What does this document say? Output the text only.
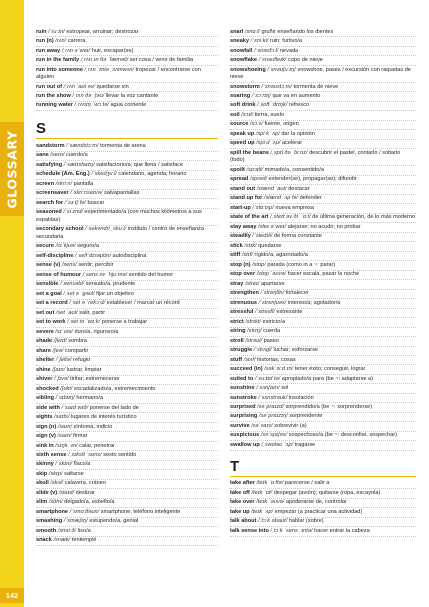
GLOSSARY
142
ruin /ˈruːɪn/ estropear, arruinar; destrozar
run (n) /rʌn/ carrera
run away /ˌrʌn əˈweɪ/ huir, escapar(se)
run in the family /ˌrʌn ɪn ðə ˈfæməli/ ser cosa / venir de familia
run into someone /ˌrʌn ˈɪntə ˌsʌmwʌn/ tropezar / encontrarse con alguien
run out of /ˌrʌn ˈaʊt əv/ quedarse sin
run the show /ˌrʌn ðə ˈʃəʊ/ llevar la voz cantante
running water /ˌrʌnɪŋ ˈwɔːtə/ agua corriente
S
sandstorm /ˈsændstɔːm/ tormenta de arena
sane /seɪn/ cuerdo/a
satisfying /ˈsætɪsfaɪɪŋ/ satisfactorio/a; que llena / satisface
schedule (Am. Eng.) /ˈskedʒuːl/ calendario, agenda; horario
screen /skriːn/ pantalla
screensaver /ˈskriːnseɪvə/ salvapantallas
search for /ˈsɜːtʃ fə/ buscar
seasoned /ˈsiːznd/ experimentado/a (con muchos kilómetros a sus espaldas)
secondary school /ˈsekəndri ˌskuːl/ instituto / centro de enseñanza secundaria
secure /sɪˈkjʊə/ seguro/a
self-discipline /ˌselfˈdɪsəplɪn/ autodisciplina
sense (v) /sens/ sentir; percibir
sense of humour /ˌsens əv ˈhjuːmə/ sentido del humor
sensible /ˈsensəbl/ sensato/a, prudente
set a goal /ˌset ə ˈɡəʊl/ fijar un objetivo
set a record /ˌset ə ˈrekɔːd/ establecer / marcar un récord
set out /set ˈaʊt/ salir, partir
set to work /ˌset tə ˈwɜːk/ ponerse a trabajar
severe /sɪˈvɪə/ duro/a, riguroso/a
shade /ʃeɪd/ sombra
share /ʃeə/ compartir
shelter /ˈʃeltə/ refugio
shine /ʃaɪn/ lustrar, limpiar
shiver /ˈʃɪvə/ tiritar; estremecerse
shocked /ʃɒkt/ escadalizado/a, estremecimiento
sibling /ˈsɪblɪŋ/ hermano/a
side with /ˈsaɪd wɪð/ ponerse del lado de
sights /saɪts/ lugares de interés turístico
sign (n) /saɪn/ síntoma, indicio
sign (v) /saɪn/ firmar
sink in /sɪŋk ˈɪn/ calar, penetrar
sixth sense /ˌsɪksθ ˈsens/ sexto sentido
skinny /ˈskɪni/ flaco/a
skip /skɪp/ saltarse
skull /skʌl/ calavera, cráneo
slide (v) /slaɪd/ deslizar
slim /slɪm/ delgado/a, esbelto/a
smartphone /ˈsmɑːtfəʊn/ smartphone, teléfono inteligente
smashing /ˈsmæʃɪŋ/ estupendo/a, genial
smooth /smuːð/ liso/a
snack /snæk/ tentempié
snarl /snɑːl/ gruñir enseñando los dientes
sneaky /ˈsniːki/ ruin; furtivo/a
snowfall /ˈsnəʊfɔːl/ nevada
snowflake /ˈsnəʊfleɪk/ copo de nieve
snowshoeing /ˈsnəʊʃuːɪŋ/ snowshoe, pases / excursión con raquetas de nieve
snowstorm /ˈsnəʊstɔːm/ tormenta de nieve
soaring /ˈsɔːrɪŋ/ que va en aumento
soft drink /ˌsɒft ˈdrɪŋk/ refresco
soil /sɔɪl/ tierra, suelo
source /sɔːs/ fuente, origen
speak up /spiːk ˈʌp/ dar la opinión
speed up /spiːd ˈʌp/ acelerar
spill the beans /ˌspɪl ðə ˈbiːnz/ descubrir el pastel, contarlo / soltarlo (todo)
spoilt /spɔɪlt/ mimado/a, consentido/a
spread /spred/ extender(se), propagar(se); difundir
stand out /stænd ˈaʊt/ destacar
stand up for /stænd ˈʌp fə/ defender
start-up /ˈstɑːtʌp/ nueva empresa
state of the art /ˌsteɪt əv ðiː ˈɑːt/ de última generación, de lo más moderno
stay away /steɪ əˈweɪ/ alejarse; no acudir; no probar
steadily /ˈstedɪli/ de forma constante
stick /stɪk/ quedarse
stiff /stɪf/ rígido/a, agarrotado/a
stop (n) /stɒp/ parada (como in a ~: parar)
stop over /stɒp ˈəʊvə/ hacer escala, pasar la noche
stray /streɪ/ apartarse
strengthen /ˈstreŋθn/ fortalecer
strenuous /ˈstrenjuəs/ intenso/a; agotador/a
stressful /ˈstresfl/ estresante
strict /strɪkt/ estricto/a
string /strɪŋ/ cuerda
stroll /strəʊl/ paseo
struggle /ˈstrʌɡl/ luchar; esforzarse
stuff /stʌf/ historias, cosas
succeed (in) /səkˈsiːd ɪn/ tener éxito; conseguir, lograr
suited to /ˈsuːtɪd tə/ apropiado/a para (be ~: adaptarse a)
sunshine /ˈsʌnʃaɪn/ sol
sunstroke /ˈsʌnstrəʊk/ insolación
surprised /səˈpraɪzd/ sorprendido/a (be ~: sorprenderse)
surprising /səˈpraɪzɪŋ/ sorprendente
survive /səˈvaɪv/ sobrevivir (a)
suspicious /səˈspɪʃəs/ sospechoso/a (be ~: desconfiar, sospechar)
swallow up /ˌswɒləʊ ˈʌp/ tragarse
T
take after /teɪk ˈɑːftə/ parecerse / salir a
take off /teɪk ˈɒf/ despegar (avión); quitarse (ropa, escayola)
take over /teɪk ˈəʊvə/ apoderarse de, controlar
take up /teɪk ˈʌp/ empezar (a practicar una actividad)
talk about /ˈtɔːk əbaʊt/ hablar (sobre)
talk sense into /ˌtɔːk ˈsens ˌɪntə/ hacer entrar la cabeza
